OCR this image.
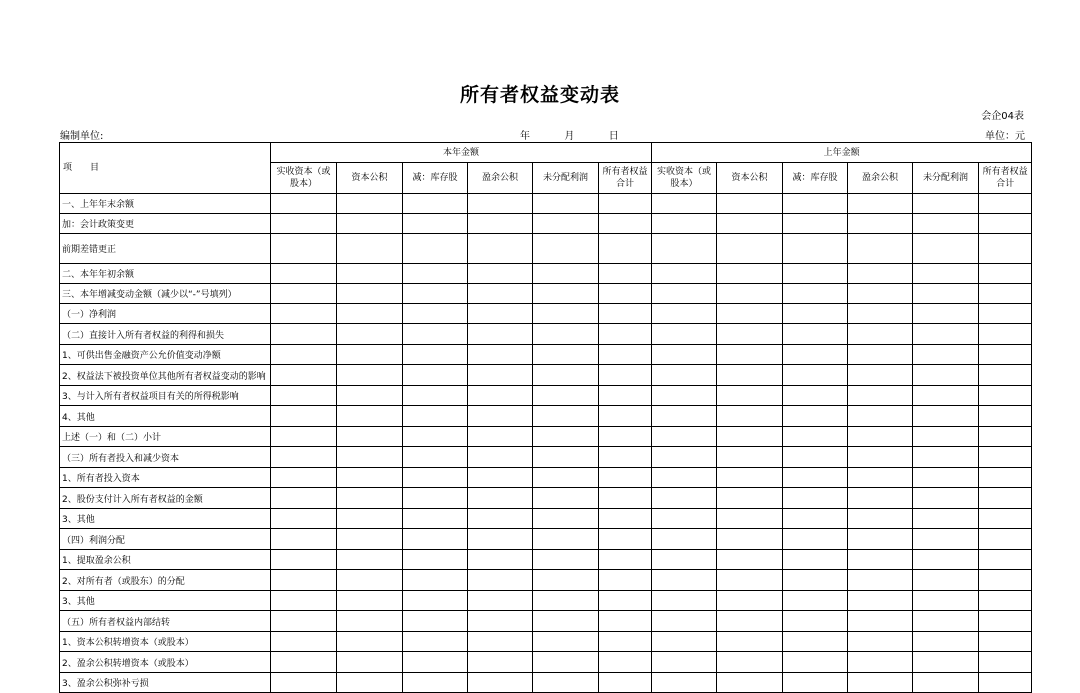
所有者权益变动表
会企04表
编制单位:	年	月	日	单位：元
项　　目	本年金额						上年金额					
	实收资本（或股本）	资本公积	减：库存股	盈余公积	未分配利润	所有者权益合计	实收资本（或股本）	资本公积	减：库存股	盈余公积	未分配利润	所有者权益合计
一、上年年末余额												
加：会计政策变更												
前期差错更正												
二、本年年初余额												
三、本年增减变动金额（减少以“-”号填列）												
（一）净利润												
（二）直接计入所有者权益的利得和损失												
1、可供出售金融资产公允价值变动净额												
2、权益法下被投资单位其他所有者权益变动的影响												
3、与计入所有者权益项目有关的所得税影响												
4、其他												
上述（一）和（二）小计												
（三）所有者投入和减少资本												
1、所有者投入资本												
2、股份支付计入所有者权益的金额												
3、其他												
（四）利润分配												
1、提取盈余公积												
2、对所有者（或股东）的分配												
3、其他												
（五）所有者权益内部结转												
1、资本公积转增资本（或股本）												
2、盈余公积转增资本（或股本）												
3、盈余公积弥补亏损												
